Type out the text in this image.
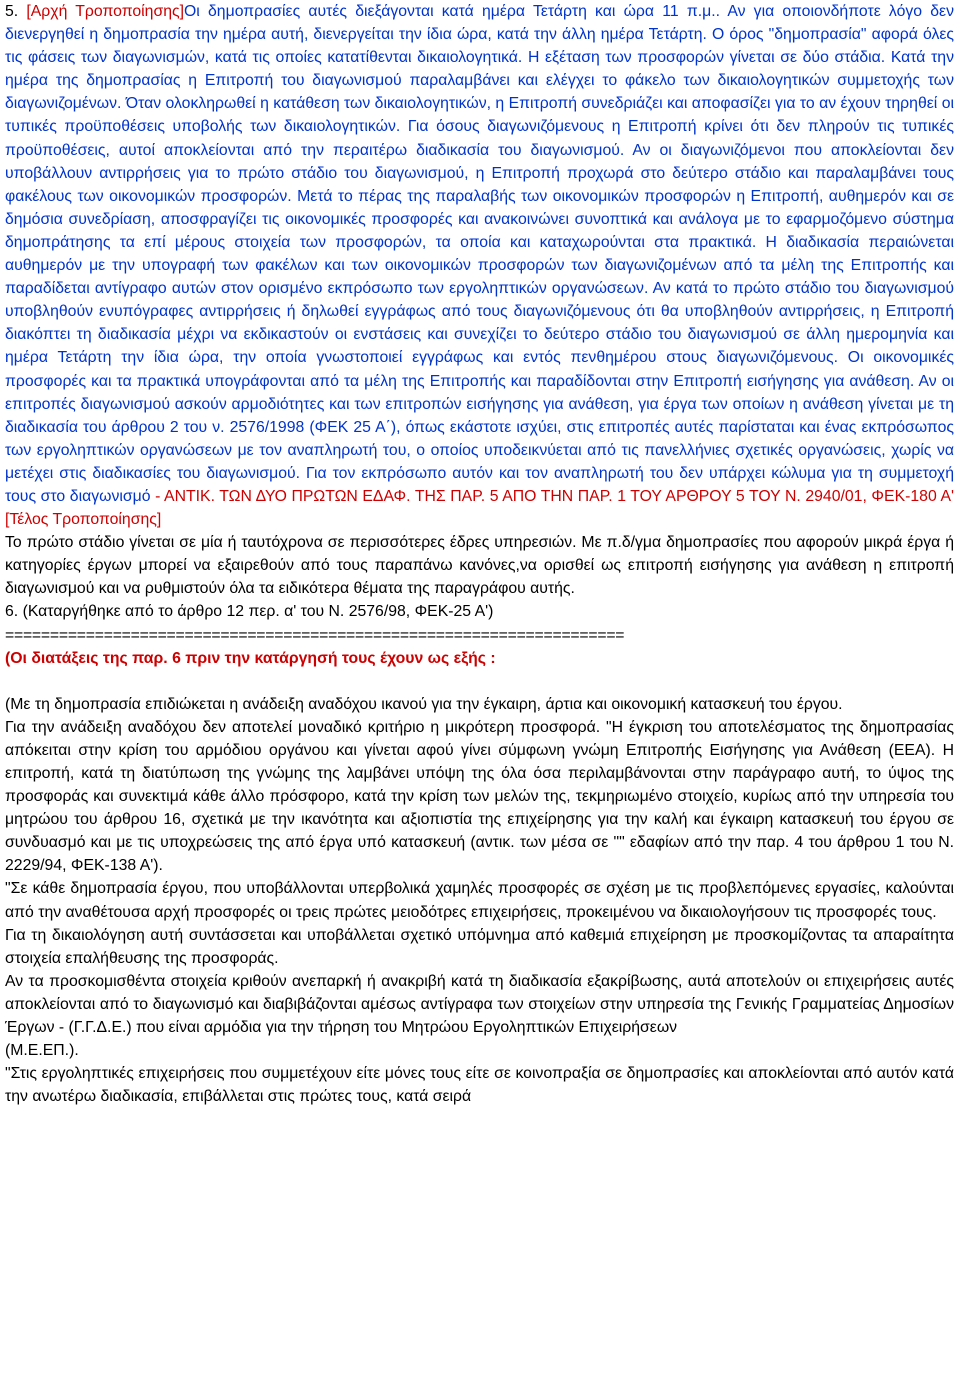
5. [Αρχή Τροποποίησης]Οι δημοπρασίες αυτές διεξάγονται κατά ημέρα Τετάρτη και ώρα 11 π.μ.. Αν για οποιονδήποτε λόγο δεν διενεργηθεί η δημοπρασία την ημέρα αυτή, διενεργείται την ίδια ώρα, κατά την άλλη ημέρα Τετάρτη. Ο όρος "δημοπρασία" αφορά όλες τις φάσεις των διαγωνισμών, κατά τις οποίες κατατίθενται δικαιολογητικά. Η εξέταση των προσφορών γίνεται σε δύο στάδια. Κατά την ημέρα της δημοπρασίας η Επιτροπή του διαγωνισμού παραλαμβάνει και ελέγχει το φάκελο των δικαιολογητικών συμμετοχής των διαγωνιζομένων. Όταν ολοκληρωθεί η κατάθεση των δικαιολογητικών, η Επιτροπή συνεδριάζει και αποφασίζει για το αν έχουν τηρηθεί οι τυπικές προϋποθέσεις υποβολής των δικαιολογητικών. Για όσους διαγωνιζόμενους η Επιτροπή κρίνει ότι δεν πληρούν τις τυπικές προϋποθέσεις, αυτοί αποκλείονται από την περαιτέρω διαδικασία του διαγωνισμού. Αν οι διαγωνιζόμενοι που αποκλείονται δεν υποβάλλουν αντιρρήσεις για το πρώτο στάδιο του διαγωνισμού, η Επιτροπή προχωρά στο δεύτερο στάδιο και παραλαμβάνει τους φακέλους των οικονομικών προσφορών. Μετά το πέρας της παραλαβής των οικονομικών προσφορών η Επιτροπή, αυθημερόν και σε δημόσια συνεδρίαση, αποσφραγίζει τις οικονομικές προσφορές και ανακοινώνει συνοπτικά και ανάλογα με το εφαρμοζόμενο σύστημα δημοπράτησης τα επί μέρους στοιχεία των προσφορών, τα οποία και καταχωρούνται στα πρακτικά. Η διαδικασία περαιώνεται αυθημερόν με την υπογραφή των φακέλων και των οικονομικών προσφορών των διαγωνιζομένων από τα μέλη της Επιτροπής και παραδίδεται αντίγραφο αυτών στον ορισμένο εκπρόσωπο των εργοληπτικών οργανώσεων. Αν κατά το πρώτο στάδιο του διαγωνισμού υποβληθούν ενυπόγραφες αντιρρήσεις ή δηλωθεί εγγράφως από τους διαγωνιζόμενους ότι θα υποβληθούν αντιρρήσεις, η Επιτροπή διακόπτει τη διαδικασία μέχρι να εκδικαστούν οι ενστάσεις και συνεχίζει το δεύτερο στάδιο του διαγωνισμού σε άλλη ημερομηνία και ημέρα Τετάρτη την ίδια ώρα, την οποία γνωστοποιεί εγγράφως και εντός πενθημέρου στους διαγωνιζόμενους. Οι οικονομικές προσφορές και τα πρακτικά υπογράφονται από τα μέλη της Επιτροπής και παραδίδονται στην Επιτροπή εισήγησης για ανάθεση. Αν οι επιτροπές διαγωνισμού ασκούν αρμοδιότητες και των επιτροπών εισήγησης για ανάθεση, για έργα των οποίων η ανάθεση γίνεται με τη διαδικασία του άρθρου 2 του ν. 2576/1998 (ΦΕΚ 25 Α΄), όπως εκάστοτε ισχύει, στις επιτροπές αυτές παρίσταται και ένας εκπρόσωπος των εργοληπτικών οργανώσεων με τον αναπληρωτή του, ο οποίος υποδεικνύεται από τις πανελλήνιες σχετικές οργανώσεις, χωρίς να μετέχει στις διαδικασίες του διαγωνισμού. Για τον εκπρόσωπο αυτόν και τον αναπληρωτή του δεν υπάρχει κώλυμα για τη συμμετοχή τους στο διαγωνισμό - ΑΝΤΙΚ. ΤΩΝ ΔΥΟ ΠΡΩΤΩΝ ΕΔΑΦ. ΤΗΣ ΠΑΡ. 5 ΑΠΟ ΤΗΝ ΠΑΡ. 1 ΤΟΥ ΑΡΘΡΟΥ 5 ΤΟΥ Ν. 2940/01, ΦΕΚ-180 Α' [Τέλος Τροποποίησης]

Το πρώτο στάδιο γίνεται σε μία ή ταυτόχρονα σε περισσότερες έδρες υπηρεσιών. Με π.δ/γμα δημοπρασίες που αφορούν μικρά έργα ή κατηγορίες έργων μπορεί να εξαιρεθούν από τους παραπάνω κανόνες,να ορισθεί ως επιτροπή εισήγησης για ανάθεση η επιτροπή διαγωνισμού και να ρυθμιστούν όλα τα ειδικότερα θέματα της παραγράφου αυτής.

6. (Καταργήθηκε από το άρθρο 12 περ. α' του Ν. 2576/98, ΦΕΚ-25 Α')

=====================================================================

(Οι διατάξεις της παρ. 6 πριν την κατάργησή τους έχουν ως εξής :

(Με τη δημοπρασία επιδιώκεται η ανάδειξη αναδόχου ικανού για την έγκαιρη, άρτια και οικονομική κατασκευή του έργου.

Για την ανάδειξη αναδόχου δεν αποτελεί μοναδικό κριτήριο η μικρότερη προσφορά. "Η έγκριση του αποτελέσματος της δημοπρασίας απόκειται στην κρίση του αρμόδιου οργάνου και γίνεται αφού γίνει σύμφωνη γνώμη Επιτροπής Εισήγησης για Ανάθεση (ΕΕΑ). Η επιτροπή, κατά τη διατύπωση της γνώμης της λαμβάνει υπόψη της όλα όσα περιλαμβάνονται στην παράγραφο αυτή, το ύψος της προσφοράς και συνεκτιμά κάθε άλλο πρόσφορο, κατά την κρίση των μελών της, τεκμηριωμένο στοιχείο, κυρίως από την υπηρεσία του μητρώου του άρθρου 16, σχετικά με την ικανότητα και αξιοπιστία της επιχείρησης για την καλή και έγκαιρη κατασκευή του έργου σε συνδυασμό και με τις υποχρεώσεις της από έργα υπό κατασκευή (αντικ. των μέσα σε "" εδαφίων από την παρ. 4 του άρθρου 1 του Ν. 2229/94, ΦΕΚ-138 Α').

"Σε κάθε δημοπρασία έργου, που υποβάλλονται υπερβολικά χαμηλές προσφορές σε σχέση με τις προβλεπόμενες εργασίες, καλούνται από την αναθέτουσα αρχή προσφορές οι τρεις πρώτες μειοδότρες επιχειρήσεις, προκειμένου να δικαιολογήσουν τις προσφορές τους.

Για τη δικαιολόγηση αυτή συντάσσεται και υποβάλλεται σχετικό υπόμνημα από καθεμιά επιχείρηση με προσκομίζοντας τα απαραίτητα στοιχεία επαλήθευσης της προσφοράς.

Αν τα προσκομισθέντα στοιχεία κριθούν ανεπαρκή ή ανακριβή κατά τη διαδικασία εξακρίβωσης, αυτά αποτελούν οι επιχειρήσεις αυτές αποκλείονται από το διαγωνισμό και διαβιβάζονται αμέσως αντίγραφα των στοιχείων στην υπηρεσία της Γενικής Γραμματείας Δημοσίων Έργων - (Γ.Γ.Δ.Ε.) που είναι αρμόδια για την τήρηση του Μητρώου Εργοληπτικών Επιχειρήσεων

(Μ.Ε.ΕΠ.).

"Στις εργοληπτικές επιχειρήσεις που συμμετέχουν είτε μόνες τους είτε σε κοινοπραξία σε δημοπρασίες και αποκλείονται από αυτόν κατά την ανωτέρω διαδικασία, επιβάλλεται στις πρώτες τους, κατά σειρά
